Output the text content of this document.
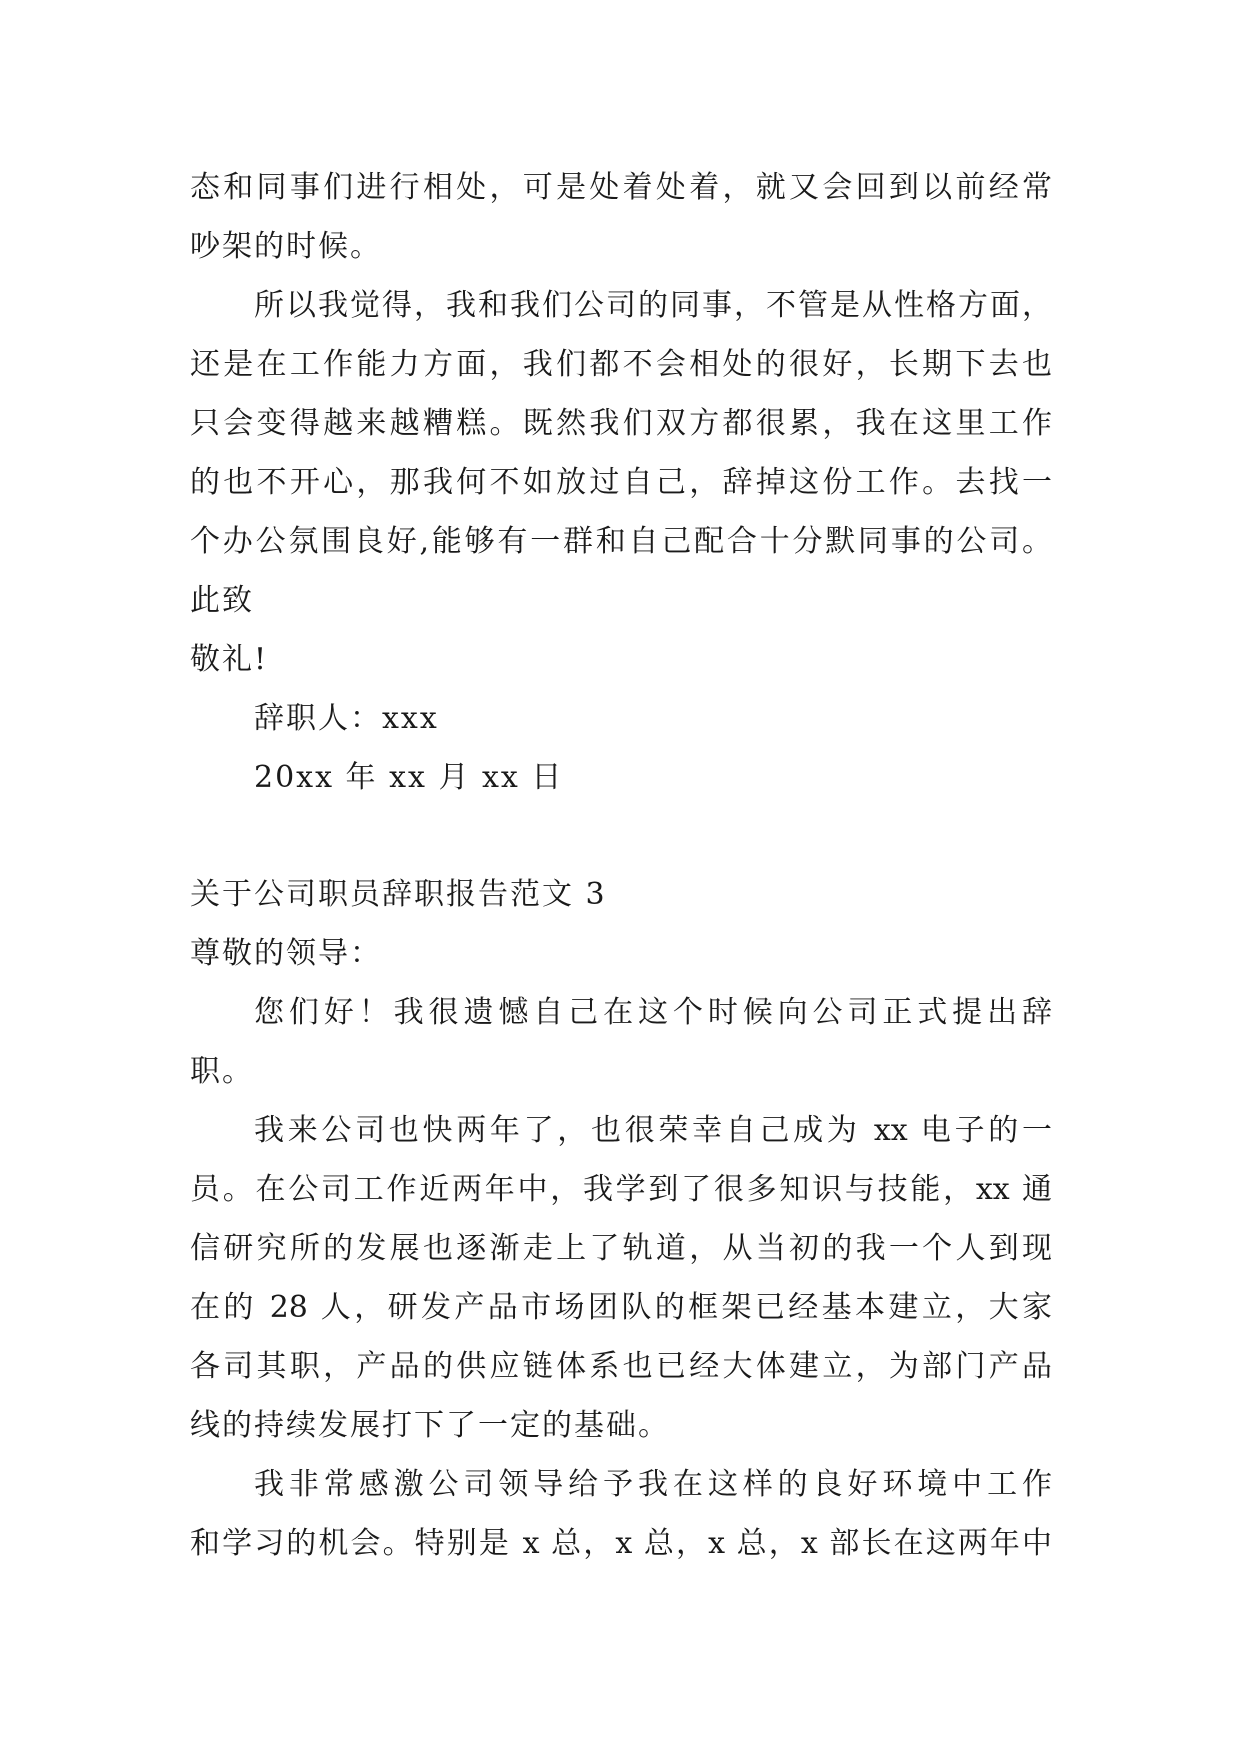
态和同事们进行相处，可是处着处着，就又会回到以前经常
吵架的时候。
所以我觉得，我和我们公司的同事，不管是从性格方面，
还是在工作能力方面，我们都不会相处的很好，长期下去也
只会变得越来越糟糕。既然我们双方都很累，我在这里工作
的也不开心，那我何不如放过自己，辞掉这份工作。去找一
个办公氛围良好,能够有一群和自己配合十分默同事的公司。
此致
敬礼!
辞职人：xxx
20xx 年 xx 月 xx 日
关于公司职员辞职报告范文 3
尊敬的领导：
您们好！我很遗憾自己在这个时候向公司正式提出辞
职。
我来公司也快两年了，也很荣幸自己成为 xx 电子的一
员。在公司工作近两年中，我学到了很多知识与技能，xx 通
信研究所的发展也逐渐走上了轨道，从当初的我一个人到现
在的 28 人，研发产品市场团队的框架已经基本建立，大家
各司其职，产品的供应链体系也已经大体建立，为部门产品
线的持续发展打下了一定的基础。
我非常感激公司领导给予我在这样的良好环境中工作
和学习的机会。特别是 x 总，x 总，x 总，x 部长在这两年中
